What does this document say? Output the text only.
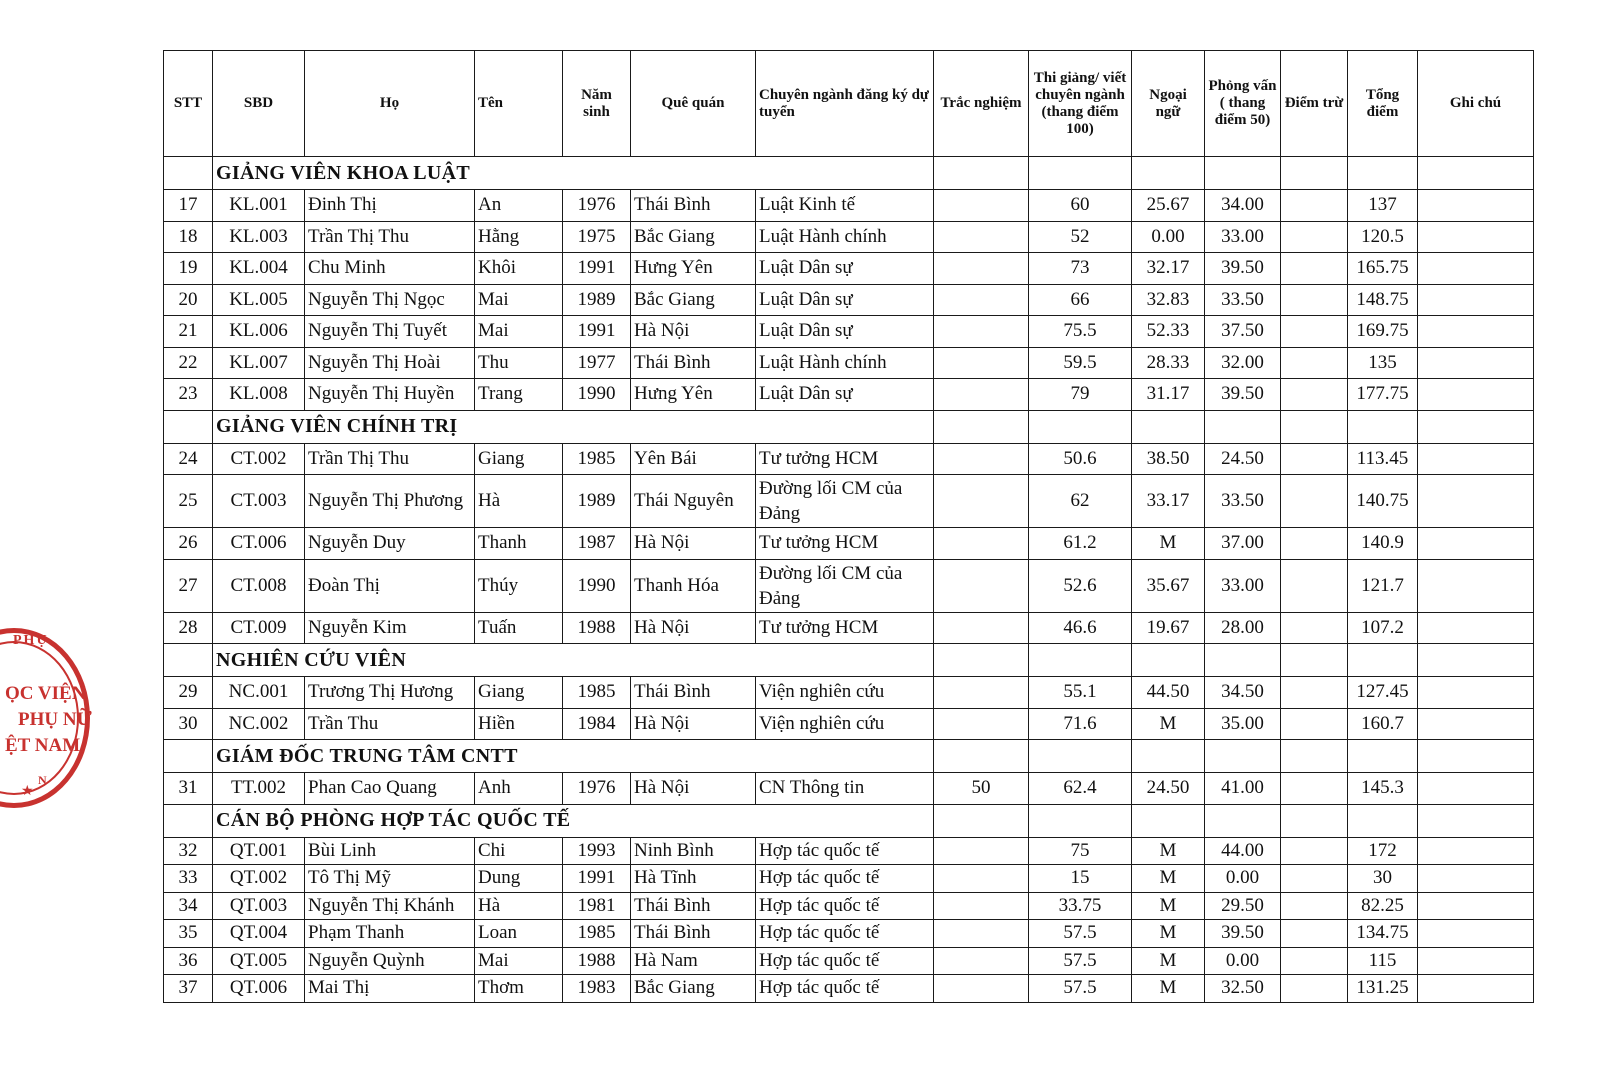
PHỤ
ỌC VIỆN
PHỤ NỮ
ỆT NAM
N
★
STT	SBD	Họ	Tên	Năm sinh	Quê quán	Chuyên ngành đăng ký dự tuyển	Trắc nghiệm	Thi giảng/ viết chuyên ngành (thang điểm 100)	Ngoại ngữ	Phỏng vấn ( thang điểm 50)	Điểm trừ	Tổng điểm	Ghi chú
	GIẢNG VIÊN KHOA LUẬT												
17	KL.001	Đinh Thị	An	1976	Thái Bình	Luật Kinh tế		60	25.67	34.00		137	
18	KL.003	Trần Thị Thu	Hằng	1975	Bắc Giang	Luật Hành chính		52	0.00	33.00		120.5	
19	KL.004	Chu Minh	Khôi	1991	Hưng Yên	Luật Dân sự		73	32.17	39.50		165.75	
20	KL.005	Nguyễn Thị Ngọc	Mai	1989	Bắc Giang	Luật Dân sự		66	32.83	33.50		148.75	
21	KL.006	Nguyễn Thị Tuyết	Mai	1991	Hà Nội	Luật Dân sự		75.5	52.33	37.50		169.75	
22	KL.007	Nguyễn Thị Hoài	Thu	1977	Thái Bình	Luật Hành chính		59.5	28.33	32.00		135	
23	KL.008	Nguyễn Thị Huyền	Trang	1990	Hưng Yên	Luật Dân sự		79	31.17	39.50		177.75	
	GIẢNG VIÊN CHÍNH TRỊ												
24	CT.002	Trần Thị Thu	Giang	1985	Yên Bái	Tư tưởng HCM		50.6	38.50	24.50		113.45	
25	CT.003	Nguyễn Thị Phương	Hà	1989	Thái Nguyên	Đường lối CM của Đảng		62	33.17	33.50		140.75	
26	CT.006	Nguyễn Duy	Thanh	1987	Hà Nội	Tư tưởng HCM		61.2	M	37.00		140.9	
27	CT.008	Đoàn Thị	Thúy	1990	Thanh Hóa	Đường lối CM của Đảng		52.6	35.67	33.00		121.7	
28	CT.009	Nguyễn Kim	Tuấn	1988	Hà Nội	Tư tưởng HCM		46.6	19.67	28.00		107.2	
	NGHIÊN CỨU VIÊN												
29	NC.001	Trương Thị Hương	Giang	1985	Thái Bình	Viện nghiên cứu		55.1	44.50	34.50		127.45	
30	NC.002	Trần Thu	Hiền	1984	Hà Nội	Viện nghiên cứu		71.6	M	35.00		160.7	
	GIÁM ĐỐC TRUNG TÂM CNTT												
31	TT.002	Phan Cao Quang	Anh	1976	Hà Nội	CN Thông tin	50	62.4	24.50	41.00		145.3	
	CÁN BỘ PHÒNG HỢP TÁC QUỐC TẾ												
32	QT.001	Bùi Linh	Chi	1993	Ninh Bình	Hợp tác quốc tế		75	M	44.00		172	
33	QT.002	Tô Thị Mỹ	Dung	1991	Hà Tĩnh	Hợp tác quốc tế		15	M	0.00		30	
34	QT.003	Nguyễn Thị Khánh	Hà	1981	Thái Bình	Hợp tác quốc tế		33.75	M	29.50		82.25	
35	QT.004	Phạm Thanh	Loan	1985	Thái Bình	Hợp tác quốc tế		57.5	M	39.50		134.75	
36	QT.005	Nguyễn Quỳnh	Mai	1988	Hà Nam	Hợp tác quốc tế		57.5	M	0.00		115	
37	QT.006	Mai Thị	Thơm	1983	Bắc Giang	Hợp tác quốc tế		57.5	M	32.50		131.25	
